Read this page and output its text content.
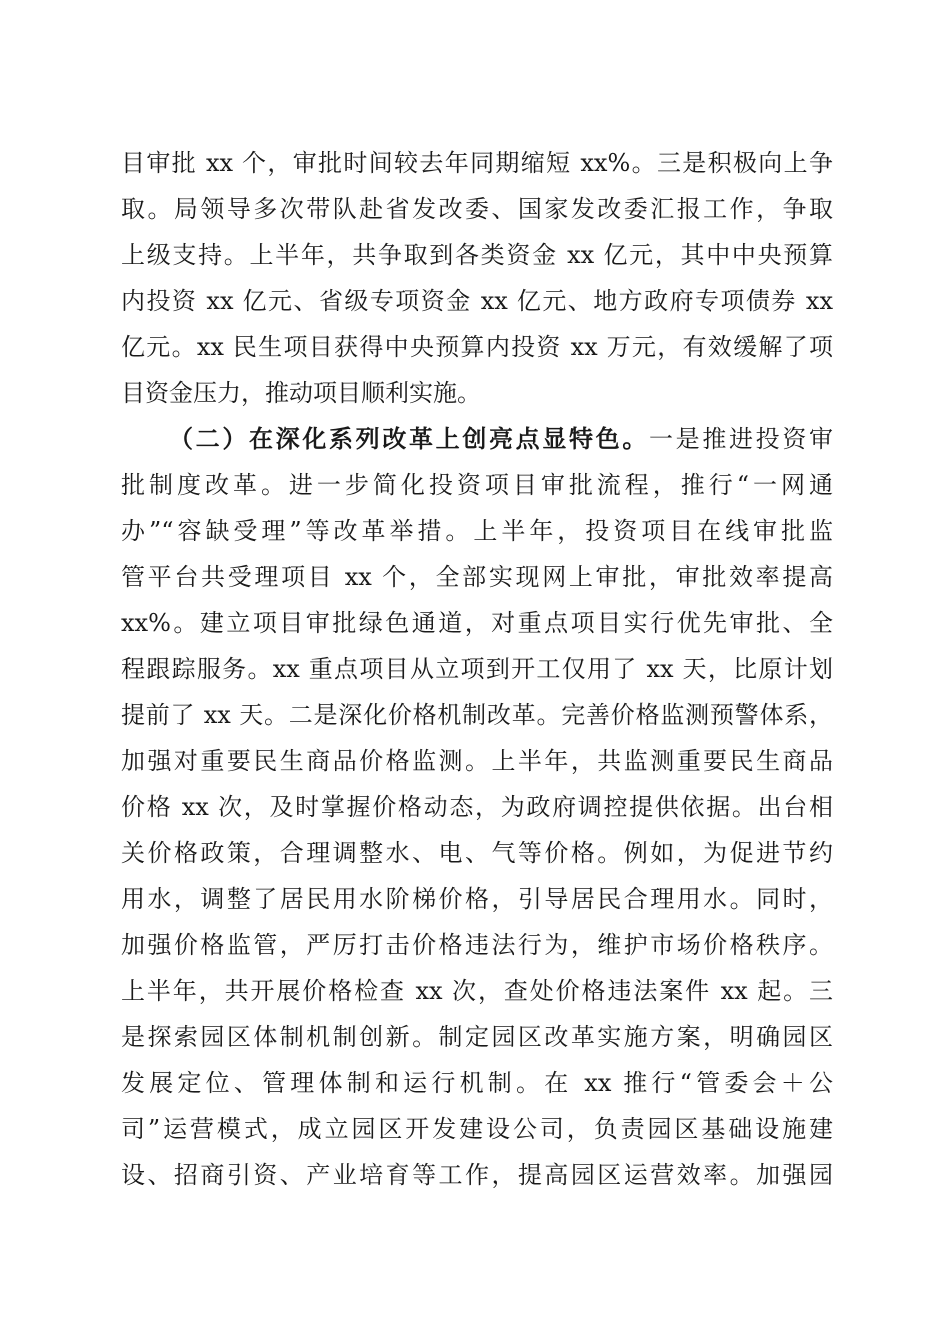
目审批 xx 个，审批时间较去年同期缩短 xx%。三是积极向上争
取。局领导多次带队赴省发改委、国家发改委汇报工作，争取
上级支持。上半年，共争取到各类资金 xx 亿元，其中中央预算
内投资 xx 亿元、省级专项资金 xx 亿元、地方政府专项债券 xx
亿元。xx 民生项目获得中央预算内投资 xx 万元，有效缓解了项
目资金压力，推动项目顺利实施。
（二）在深化系列改革上创亮点显特色。一是推进投资审
批制度改革。进一步简化投资项目审批流程，推行“一网通
办”“容缺受理”等改革举措。上半年，投资项目在线审批监
管平台共受理项目 xx 个，全部实现网上审批，审批效率提高
xx%。建立项目审批绿色通道，对重点项目实行优先审批、全
程跟踪服务。xx 重点项目从立项到开工仅用了 xx 天，比原计划
提前了 xx 天。二是深化价格机制改革。完善价格监测预警体系，
加强对重要民生商品价格监测。上半年，共监测重要民生商品
价格 xx 次，及时掌握价格动态，为政府调控提供依据。出台相
关价格政策，合理调整水、电、气等价格。例如，为促进节约
用水，调整了居民用水阶梯价格，引导居民合理用水。同时，
加强价格监管，严厉打击价格违法行为，维护市场价格秩序。
上半年，共开展价格检查 xx 次，查处价格违法案件 xx 起。三
是探索园区体制机制创新。制定园区改革实施方案，明确园区
发展定位、管理体制和运行机制。在 xx 推行“管委会＋公
司”运营模式，成立园区开发建设公司，负责园区基础设施建
设、招商引资、产业培育等工作，提高园区运营效率。加强园
